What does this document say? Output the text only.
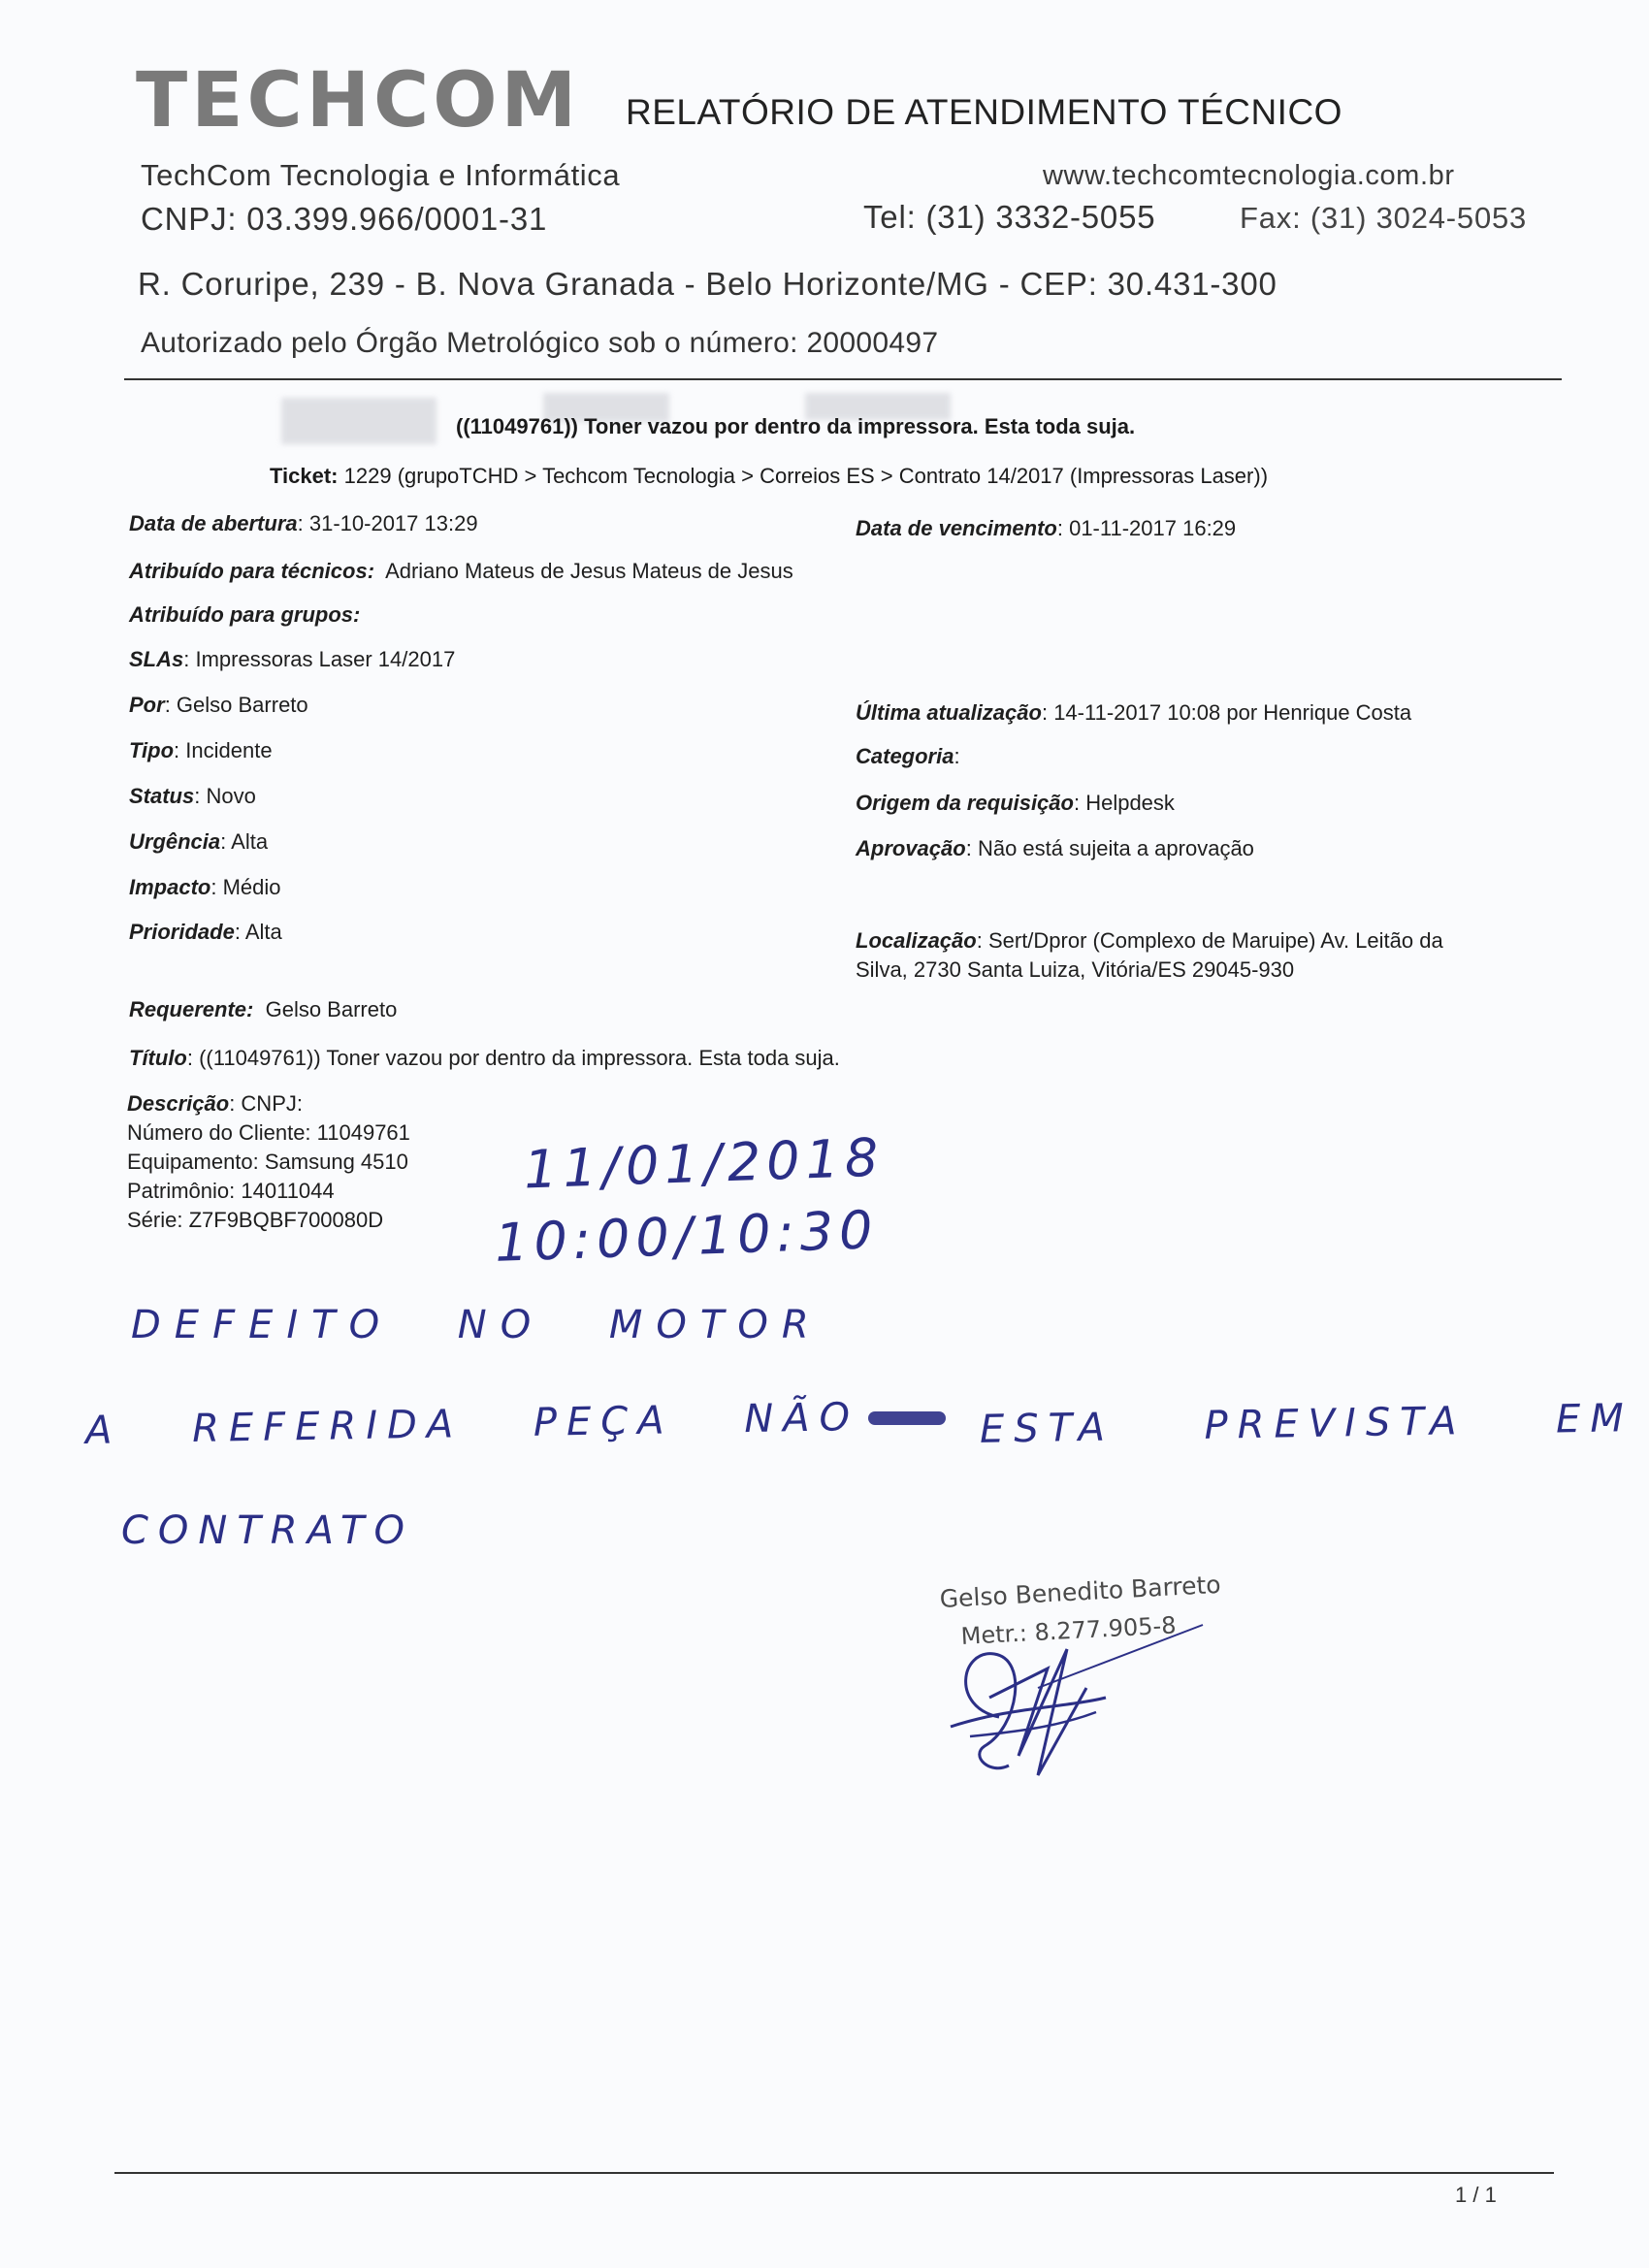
TECHCOM RELATÓRIO DE ATENDIMENTO TÉCNICO
TechCom Tecnologia e Informática	www.techcomtecnologia.com.br
CNPJ: 03.399.966/0001-31	Tel: (31) 3332-5055	Fax: (31) 3024-5053
R. Coruripe, 239 - B. Nova Granada - Belo Horizonte/MG - CEP: 30.431-300
Autorizado pelo Órgão Metrológico sob o número: 20000497
((11049761)) Toner vazou por dentro da impressora. Esta toda suja.
Ticket: 1229 (grupoTCHD > Techcom Tecnologia > Correios ES > Contrato 14/2017 (Impressoras Laser))
Data de abertura: 31-10-2017 13:29
Atribuído para técnicos: Adriano Mateus de Jesus Mateus de Jesus
Atribuído para grupos:
SLAs: Impressoras Laser 14/2017
Por: Gelso Barreto
Tipo: Incidente
Status: Novo
Urgência: Alta
Impacto: Médio
Prioridade: Alta
Data de vencimento: 01-11-2017 16:29
Última atualização: 14-11-2017 10:08 por Henrique Costa
Categoria:
Origem da requisição: Helpdesk
Aprovação: Não está sujeita a aprovação
Localização: Sert/Dpror (Complexo de Maruipe) Av. Leitão da
Silva, 2730 Santa Luiza, Vitória/ES 29045-930
Requerente: Gelso Barreto
Título: ((11049761)) Toner vazou por dentro da impressora. Esta toda suja.
Descrição: CNPJ:
Número do Cliente: 11049761
Equipamento: Samsung 4510
Patrimônio: 14011044
Série: Z7F9BQBF700080D
11/01/2018
10:00/10:30
DEFEITO NO MOTOR
A REFERIDA PEÇA NÃO	ESTA PREVISTA EM
CONTRATO
Gelso Benedito Barreto
Metr.: 8.277.905-8
1 / 1
